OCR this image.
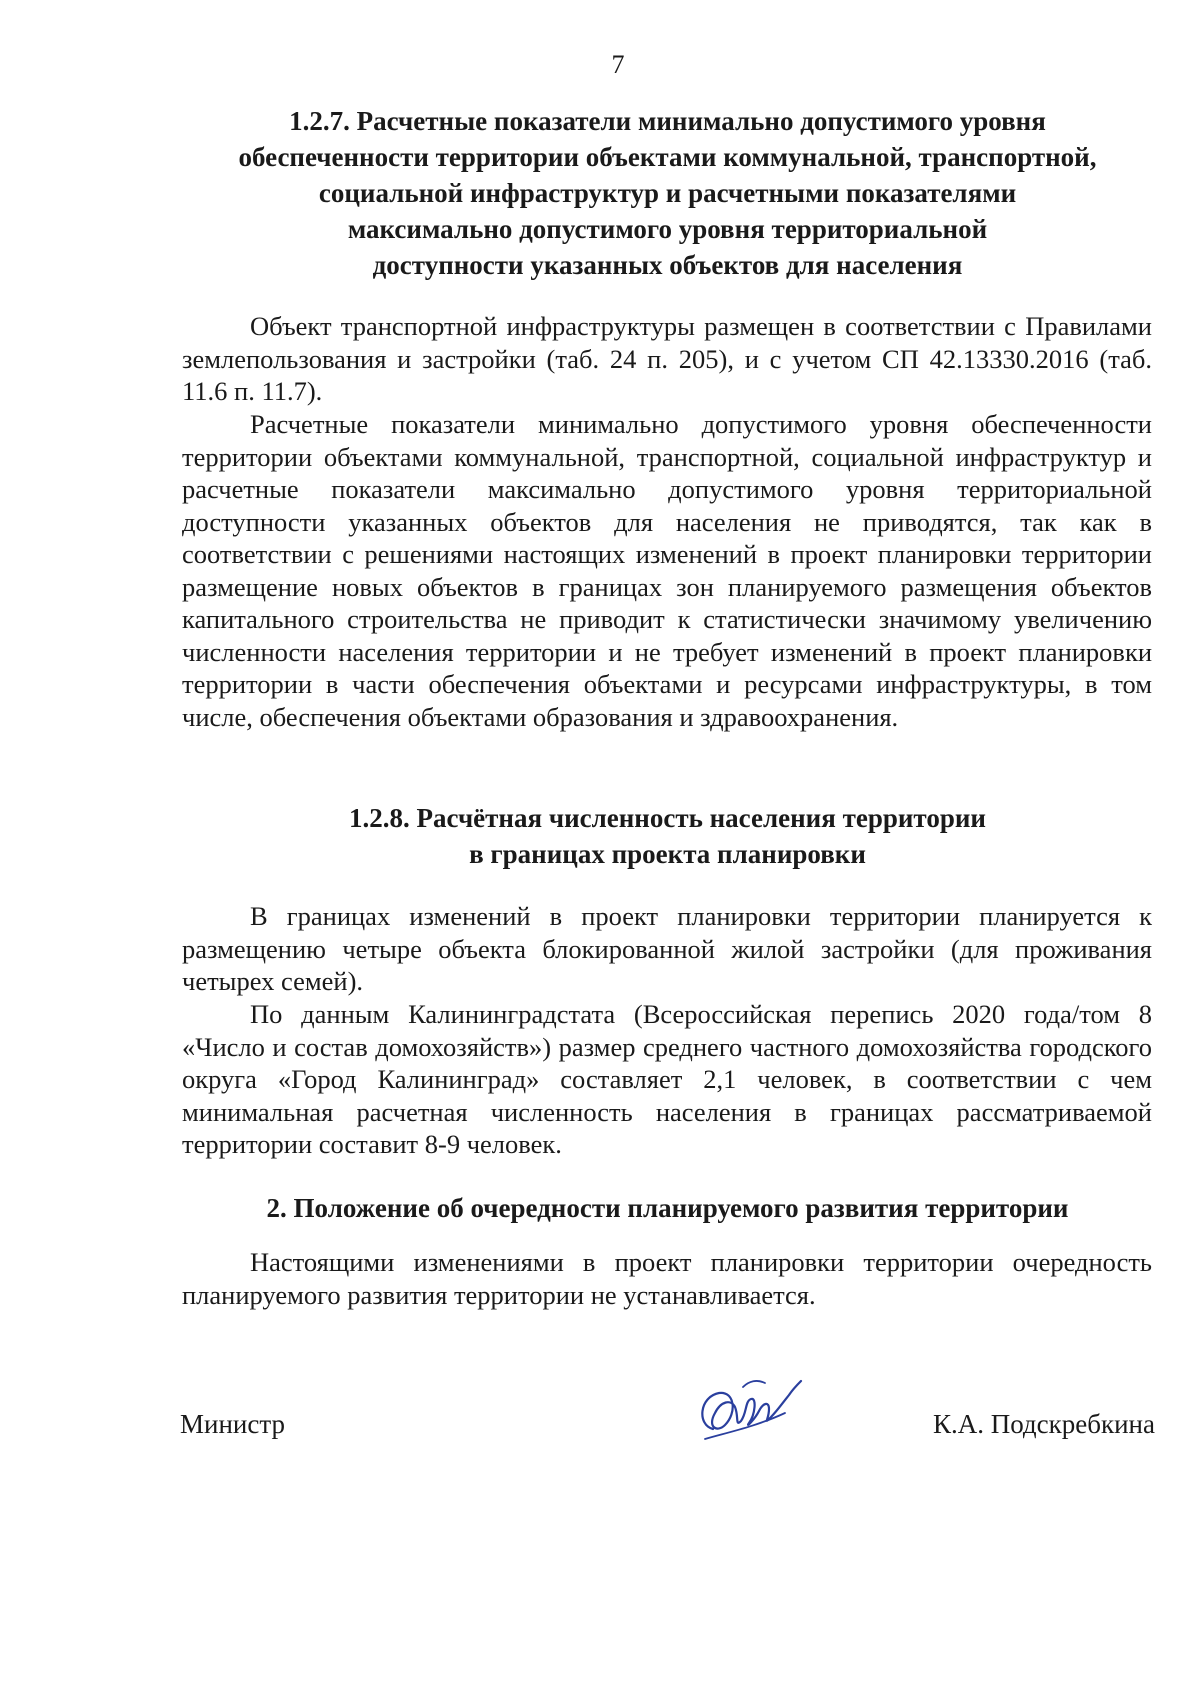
7
1.2.7. Расчетные показатели минимально допустимого уровня
обеспеченности территории объектами коммунальной, транспортной,
социальной инфраструктур и расчетными показателями
максимально допустимого уровня территориальной
доступности указанных объектов для населения

Объект транспортной инфраструктуры размещен в соответствии с Правилами землепользования и застройки (таб. 24 п. 205), и с учетом СП 42.13330.2016 (таб. 11.6 п. 11.7).

Расчетные показатели минимально допустимого уровня обеспеченности территории объектами коммунальной, транспортной, социальной инфраструктур и расчетные показатели максимально допустимого уровня территориальной доступности указанных объектов для населения не приводятся, так как в соответствии с решениями настоящих изменений в проект планировки территории размещение новых объектов в границах зон планируемого размещения объектов капитального строительства не приводит к статистически значимому увеличению численности населения территории и не требует изменений в проект планировки территории в части обеспечения объектами и ресурсами инфраструктуры, в том числе, обеспечения объектами образования и здравоохранения.

1.2.8. Расчётная численность населения территории
в границах проекта планировки

В границах изменений в проект планировки территории планируется к размещению четыре объекта блокированной жилой застройки (для проживания четырех семей).

По данным Калининградстата (Всероссийская перепись 2020 года/том 8 «Число и состав домохозяйств») размер среднего частного домохозяйства городского округа «Город Калининград» составляет 2,1 человек, в соответствии с чем минимальная расчетная численность населения в границах рассматриваемой территории составит 8-9 человек.

2. Положение об очередности планируемого развития территории

Настоящими изменениями в проект планировки территории очередность планируемого развития территории не устанавливается.

Министр	К.А. Подскребкина
